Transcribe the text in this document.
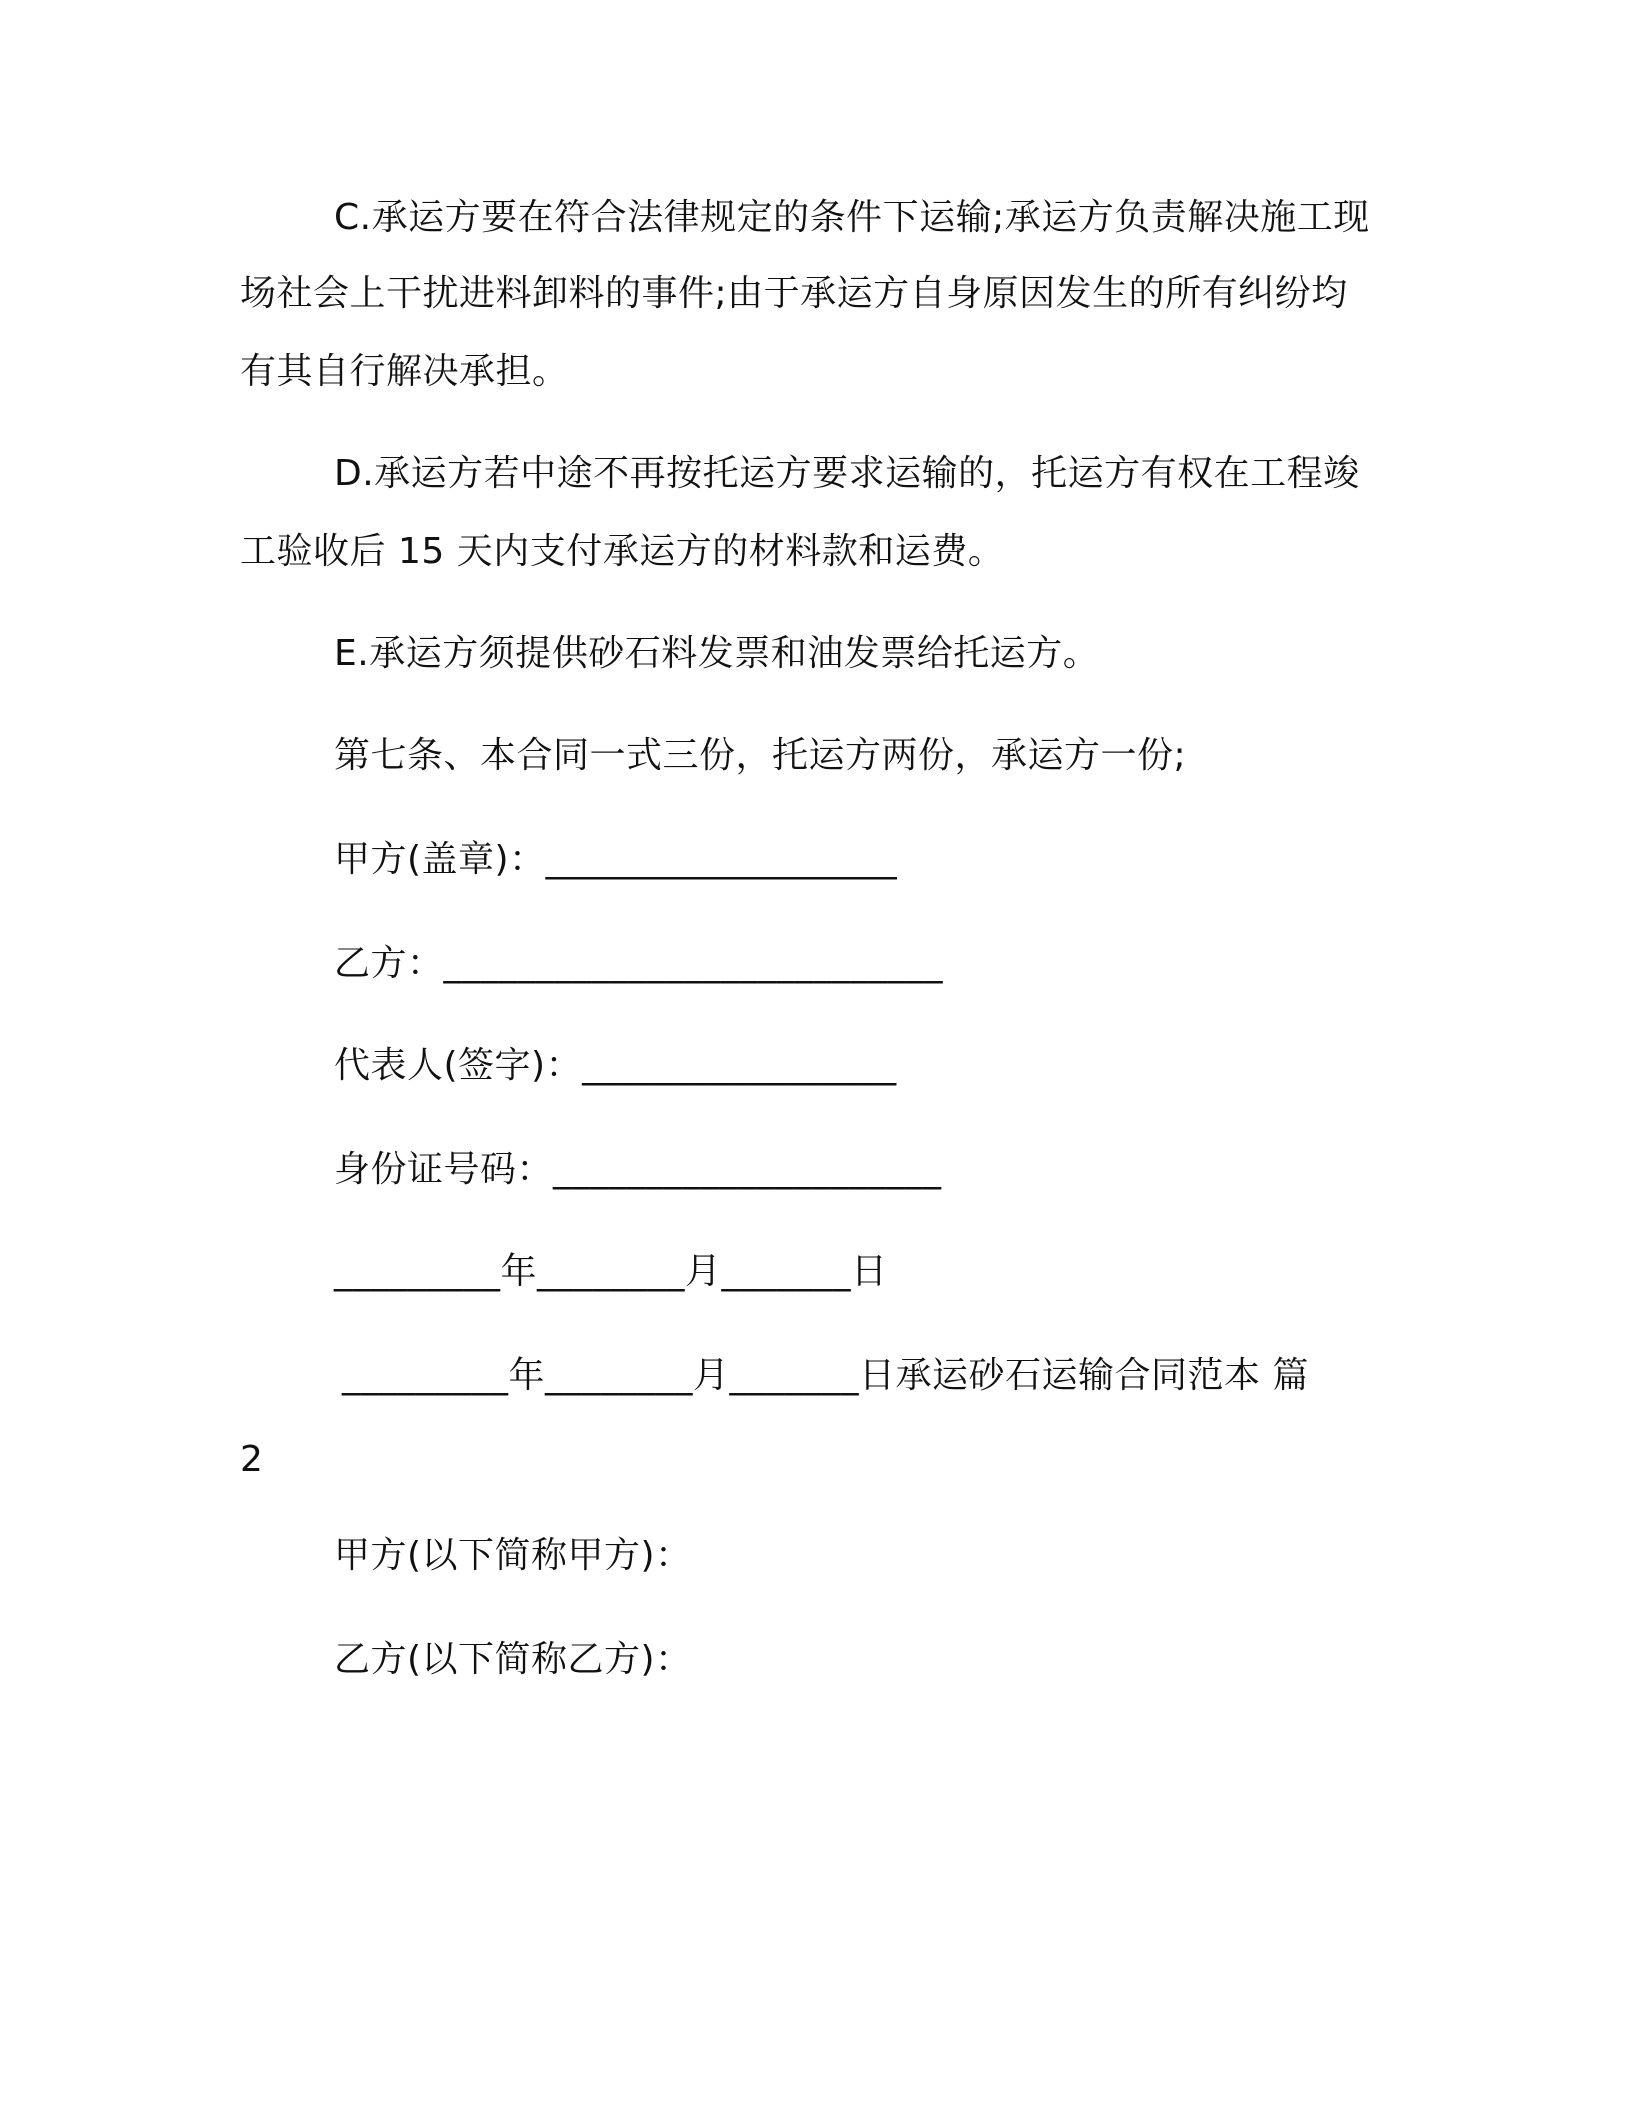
C.承运方要在符合法律规定的条件下运输;承运方负责解决施工现
场社会上干扰进料卸料的事件;由于承运方自身原因发生的所有纠纷均
有其自行解决承担。
D.承运方若中途不再按托运方要求运输的，托运方有权在工程竣
工验收后 15 天内支付承运方的材料款和运费。
E.承运方须提供砂石料发票和油发票给托运方。
第七条、本合同一式三份，托运方两份，承运方一份;
甲方(盖章)：___________________
乙方：___________________________
代表人(签字)：_________________
身份证号码：_____________________
_________年________月_______日
_________年________月_______日承运砂石运输合同范本 篇
2
甲方(以下简称甲方)：
乙方(以下简称乙方)：
